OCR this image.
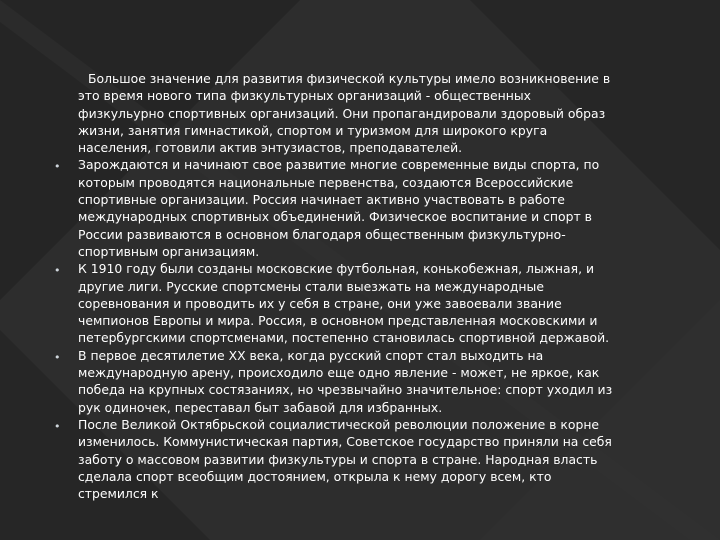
Большое значение для развития физической культуры имело возникновение в это время нового типа физкультурных организаций - общественных физкульурно спортивных организаций. Они пропагандировали здоровый образ жизни, занятия гимнастикой, спортом и туризмом для широкого круга населения, готовили актив энтузиастов, преподавателей.

• Зарождаются и начинают свое развитие многие современные виды спорта, по которым проводятся национальные первенства, создаются Всероссийские спортивные организации. Россия начинает активно участвовать в работе международных спортивных объединений. Физическое воспитание и спорт в России развиваются в основном благодаря общественным физкультурно-спортивным организациям.
• К 1910 году были созданы московские футбольная, конькобежная, лыжная, и другие лиги. Русские спортсмены стали выезжать на международные соревнования и проводить их у себя в стране, они уже завоевали звание чемпионов Европы и мира. Россия, в основном представленная московскими и петербургскими спортсменами, постепенно становилась спортивной державой.
• В первое десятилетие XX века, когда русский спорт стал выходить на международную арену, происходило еще одно явление - может, не яркое, как победа на крупных состязаниях, но чрезвычайно значительное: спорт уходил из рук одиночек, переставал быт забавой для избранных.
• После Великой Октябрьской социалистической революции положение в корне изменилось. Коммунистическая партия, Советское государство приняли на себя заботу о массовом развитии физкультуры и спорта в стране. Народная власть сделала спорт всеобщим достоянием, открыла к нему дорогу всем, кто стремился к
